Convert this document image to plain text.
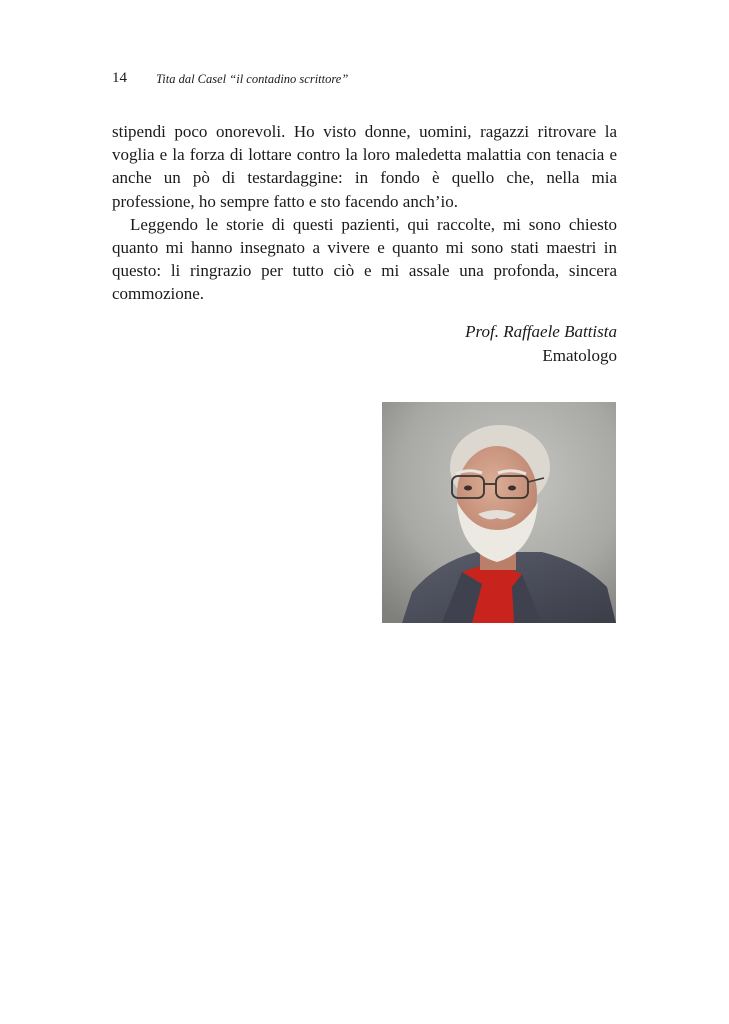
14 Tita dal Casel “il contadino scrittore”

stipendi poco onorevoli. Ho visto donne, uomini, ragazzi ritrovare la voglia e la forza di lottare contro la loro maledetta malattia con tenacia e anche un pò di testardaggine: in fondo è quello che, nella mia professione, ho sempre fatto e sto facendo anch’io.

Leggendo le storie di questi pazienti, qui raccolte, mi sono chiesto quanto mi hanno insegnato a vivere e quanto mi sono stati maestri in questo: li ringrazio per tutto ciò e mi assale una profonda, sincera commozione.

Prof. Raffaele Battista
Ematologo
